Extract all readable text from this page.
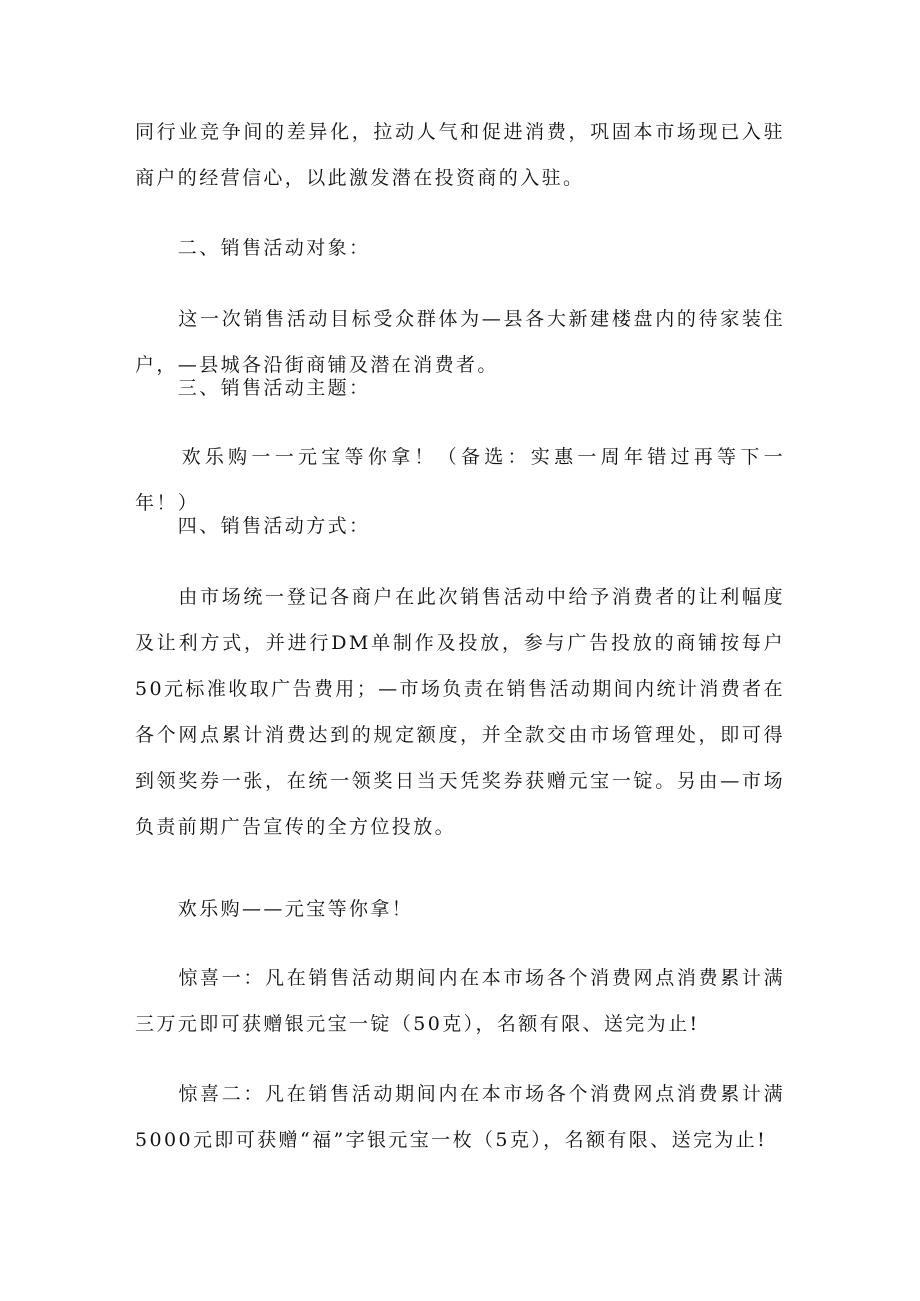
同行业竞争间的差异化，拉动人气和促进消费，巩固本市场现已入驻商户的经营信心，以此激发潜在投资商的入驻。

　　二、销售活动对象：

　　这一次销售活动目标受众群体为—县各大新建楼盘内的待家装住户，—县城各沿街商铺及潜在消费者。

　　三、销售活动主题：

　　欢乐购一一元宝等你拿！（备选：实惠一周年错过再等下一年！）

　　四、销售活动方式：

　　由市场统一登记各商户在此次销售活动中给予消费者的让利幅度及让利方式，并进行DM单制作及投放，参与广告投放的商铺按每户50元标准收取广告费用；—市场负责在销售活动期间内统计消费者在各个网点累计消费达到的规定额度，并全款交由市场管理处，即可得到领奖券一张，在统一领奖日当天凭奖券获赠元宝一锭。另由—市场负责前期广告宣传的全方位投放。

　　欢乐购——元宝等你拿！

　　惊喜一：凡在销售活动期间内在本市场各个消费网点消费累计满三万元即可获赠银元宝一锭（50克），名额有限、送完为止!

　　惊喜二：凡在销售活动期间内在本市场各个消费网点消费累计满5000元即可获赠“福”字银元宝一枚（5克），名额有限、送完为止!
